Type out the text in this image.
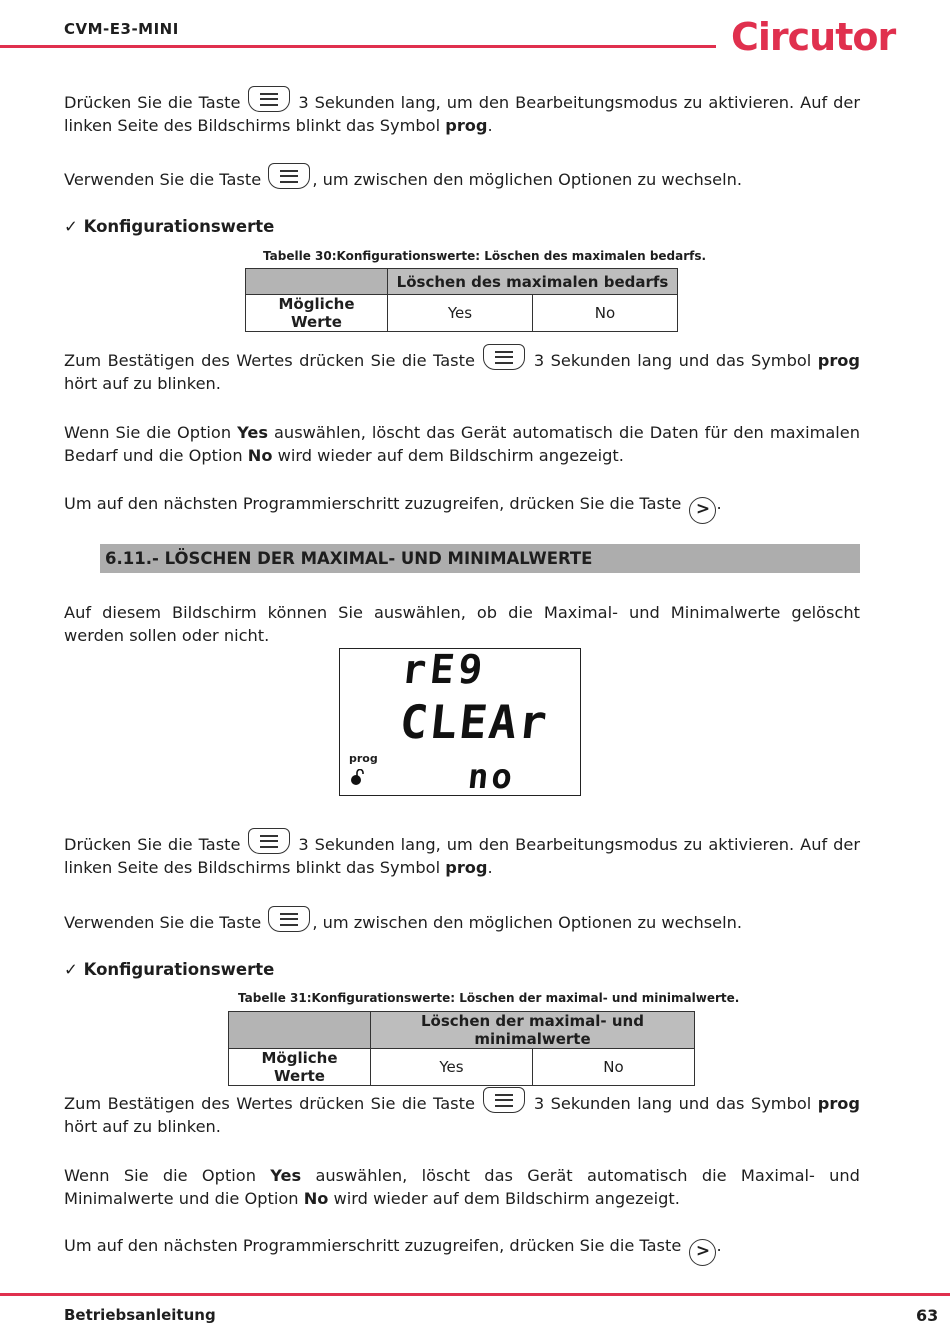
CVM-E3-MINI	Circutor

Drücken Sie die Taste	3 Sekunden lang, um den Bearbeitungsmodus zu aktivieren. Auf der linken Seite des Bildschirms blinkt das Symbol prog.

Verwenden Sie die Taste	, um zwischen den möglichen Optionen zu wechseln.

✓ Konfigurationswerte
Tabelle 30:Konfigurationswerte: Löschen des maximalen bedarfs.
	Löschen des maximalen bedarfs	
Mögliche Werte	Yes	No

Zum Bestätigen des Wertes drücken Sie die Taste	3 Sekunden lang und das Symbol prog hört auf zu blinken.

Wenn Sie die Option Yes auswählen, löscht das Gerät automatisch die Daten für den maximalen Bedarf und die Option No wird wieder auf dem Bildschirm angezeigt.

Um auf den nächsten Programmierschritt zuzugreifen, drücken Sie die Taste > .

6.11.- LÖSCHEN DER MAXIMAL- UND MINIMALWERTE

Auf diesem Bildschirm können Sie auswählen, ob die Maximal- und Minimalwerte gelöscht werden sollen oder nicht.

rE9
CLEAr
prog	no

Drücken Sie die Taste	3 Sekunden lang, um den Bearbeitungsmodus zu aktivieren. Auf der linken Seite des Bildschirms blinkt das Symbol prog.

Verwenden Sie die Taste	, um zwischen den möglichen Optionen zu wechseln.

✓ Konfigurationswerte
Tabelle 31:Konfigurationswerte: Löschen der maximal- und minimalwerte.
	Löschen der maximal- und minimalwerte	
Mögliche Werte	Yes	No

Zum Bestätigen des Wertes drücken Sie die Taste	3 Sekunden lang und das Symbol prog hört auf zu blinken.

Wenn Sie die Option Yes auswählen, löscht das Gerät automatisch die Maximal- und Minimalwerte und die Option No wird wieder auf dem Bildschirm angezeigt.

Um auf den nächsten Programmierschritt zuzugreifen, drücken Sie die Taste > .

Betriebsanleitung	63
